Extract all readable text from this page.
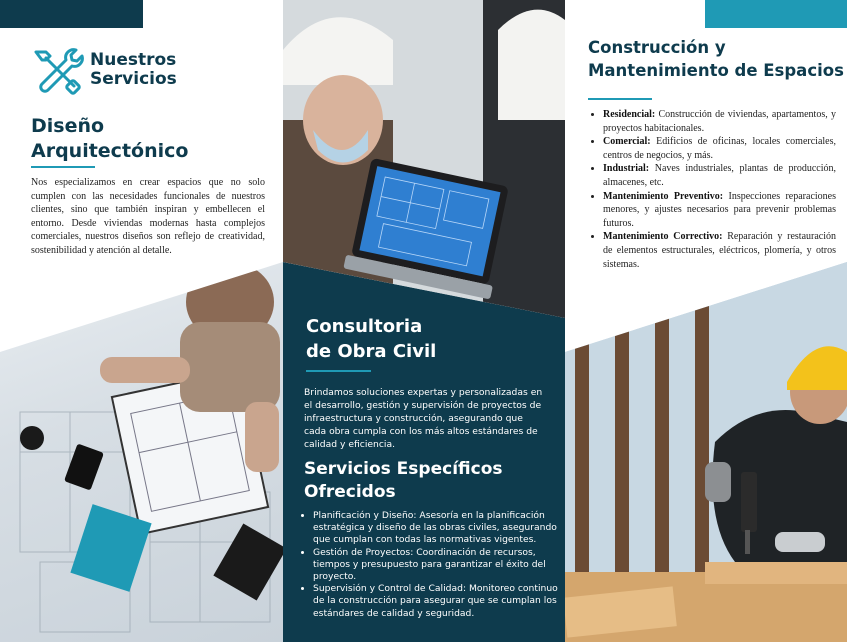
Nuestros
Servicios
Diseño
Arquitectónico

Nos especializamos en crear espacios que no solo cumplen con las necesidades funcionales de nuestros clientes, sino que también inspiran y embellecen el entorno. Desde viviendas modernas hasta complejos comerciales, nuestros diseños son reflejo de creatividad, sostenibilidad y atención al detalle.

Consultoria
de Obra Civil

Brindamos soluciones expertas y personalizadas en el desarrollo, gestión y supervisión de proyectos de infraestructura y construcción, asegurando que cada obra cumpla con los más altos estándares de calidad y eficiencia.

Servicios Específicos
Ofrecidos
• Planificación y Diseño: Asesoría en la planificación estratégica y diseño de las obras civiles, asegurando que cumplan con todas las normativas vigentes.
• Gestión de Proyectos: Coordinación de recursos, tiempos y presupuesto para garantizar el éxito del proyecto.
• Supervisión y Control de Calidad: Monitoreo continuo de la construcción para asegurar que se cumplan los estándares de calidad y seguridad.
Construcción y
Mantenimiento de Espacios
• Residencial: Construcción de viviendas, apartamentos, y proyectos habitacionales.
• Comercial: Edificios de oficinas, locales comerciales, centros de negocios, y más.
• Industrial: Naves industriales, plantas de producción, almacenes, etc.
• Mantenimiento Preventivo: Inspecciones reparaciones menores, y ajustes necesarios para prevenir problemas futuros.
• Mantenimiento Correctivo: Reparación y restauración de elementos estructurales, eléctricos, plomería, y otros sistemas.
